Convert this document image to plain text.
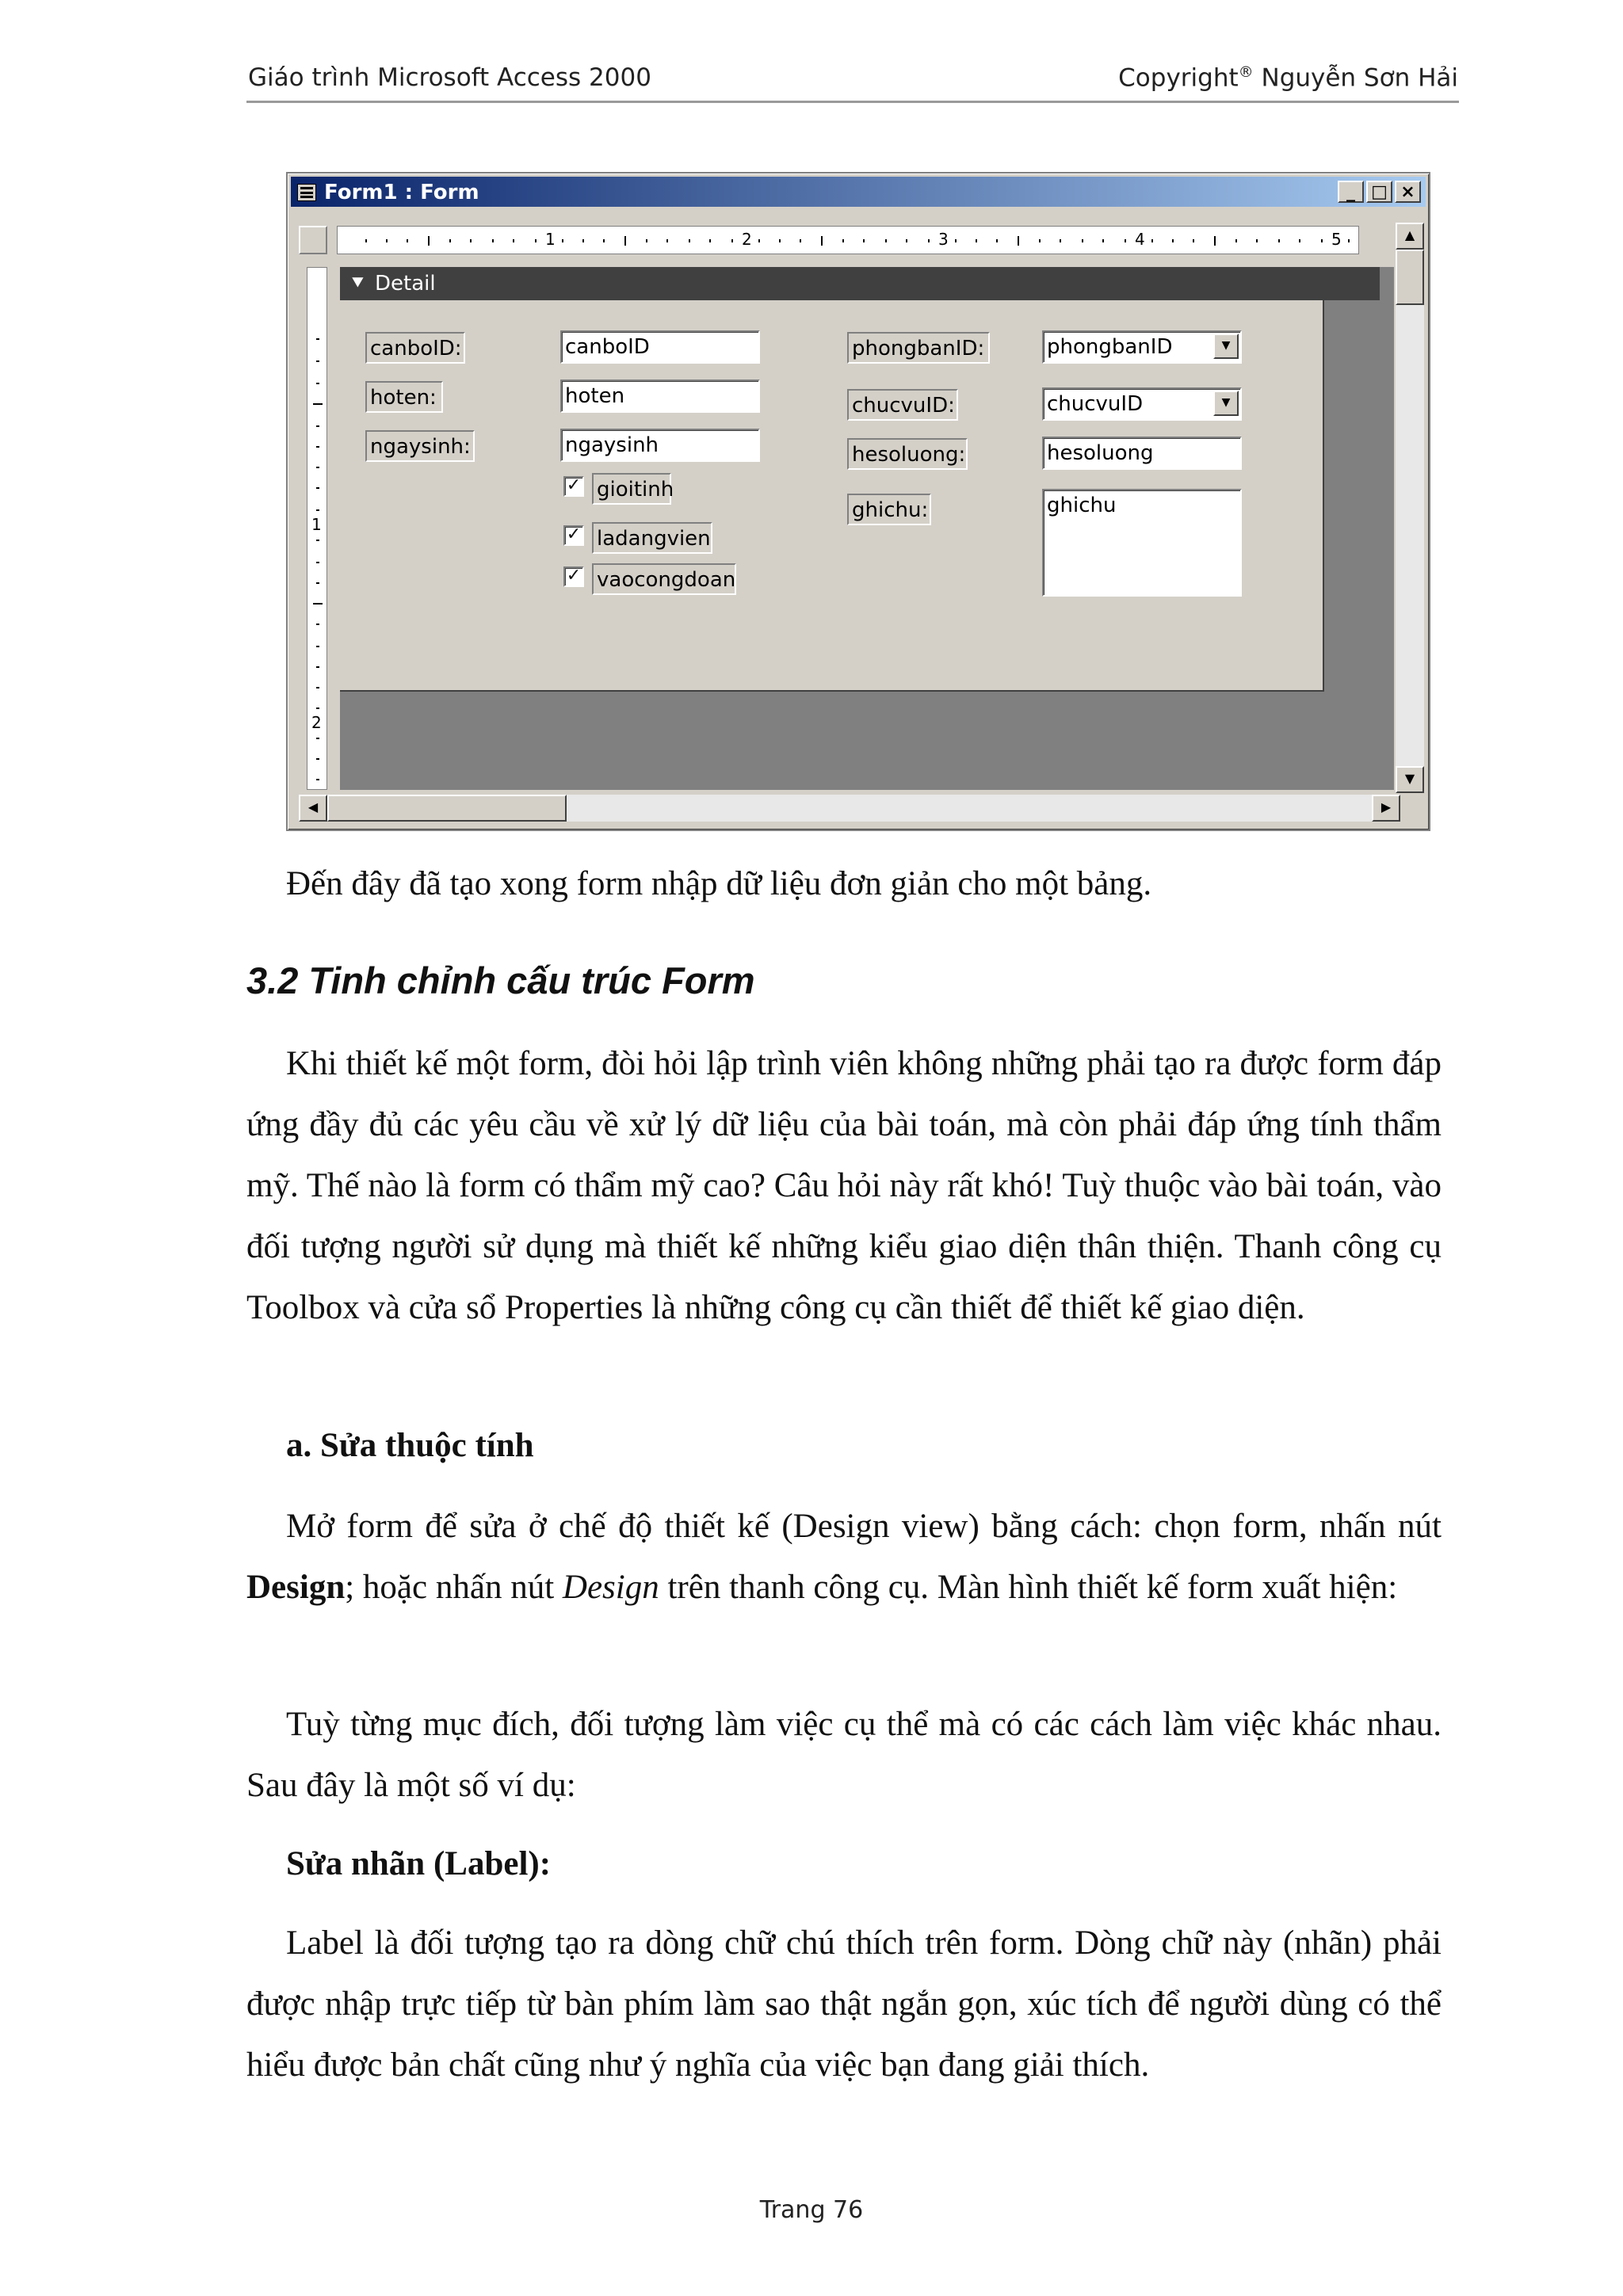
Giáo trình Microsoft Access 2000	Copyright® Nguyễn Sơn Hải
Form1 : Form	_ □ ×
1	2	3	4	5
1
2
⯆ Detail
canboID:	canboID
hoten:	hoten
ngaysinh:	ngaysinh
✓ gioitinh
✓ ladangvien
✓ vaocongdoan
phongbanID:	phongbanID	▼
chucvuID:	chucvuID	▼
hesoluong:	hesoluong
ghichu:	ghichu
▲
▼
◀	▶
Đến đây đã tạo xong form nhập dữ liệu đơn giản cho một bảng.
3.2 Tinh chỉnh cấu trúc Form
Khi thiết kế một form, đòi hỏi lập trình viên không những phải tạo ra được form đáp ứng đầy đủ các yêu cầu về xử lý dữ liệu của bài toán, mà còn phải đáp ứng tính thẩm mỹ. Thế nào là form có thẩm mỹ cao? Câu hỏi này rất khó! Tuỳ thuộc vào bài toán, vào đối tượng người sử dụng mà thiết kế những kiểu giao diện thân thiện. Thanh công cụ Toolbox và cửa sổ Properties là những công cụ cần thiết để thiết kế giao diện.
a. Sửa thuộc tính
Mở form để sửa ở chế độ thiết kế (Design view) bằng cách: chọn form, nhấn nút Design; hoặc nhấn nút Design trên thanh công cụ. Màn hình thiết kế form xuất hiện:
Tuỳ từng mục đích, đối tượng làm việc cụ thể mà có các cách làm việc khác nhau. Sau đây là một số ví dụ:
Sửa nhãn (Label):
Label là đối tượng tạo ra dòng chữ chú thích trên form. Dòng chữ này (nhãn) phải được nhập trực tiếp từ bàn phím làm sao thật ngắn gọn, xúc tích để người dùng có thể hiểu được bản chất cũng như ý nghĩa của việc bạn đang giải thích.
Trang 76
